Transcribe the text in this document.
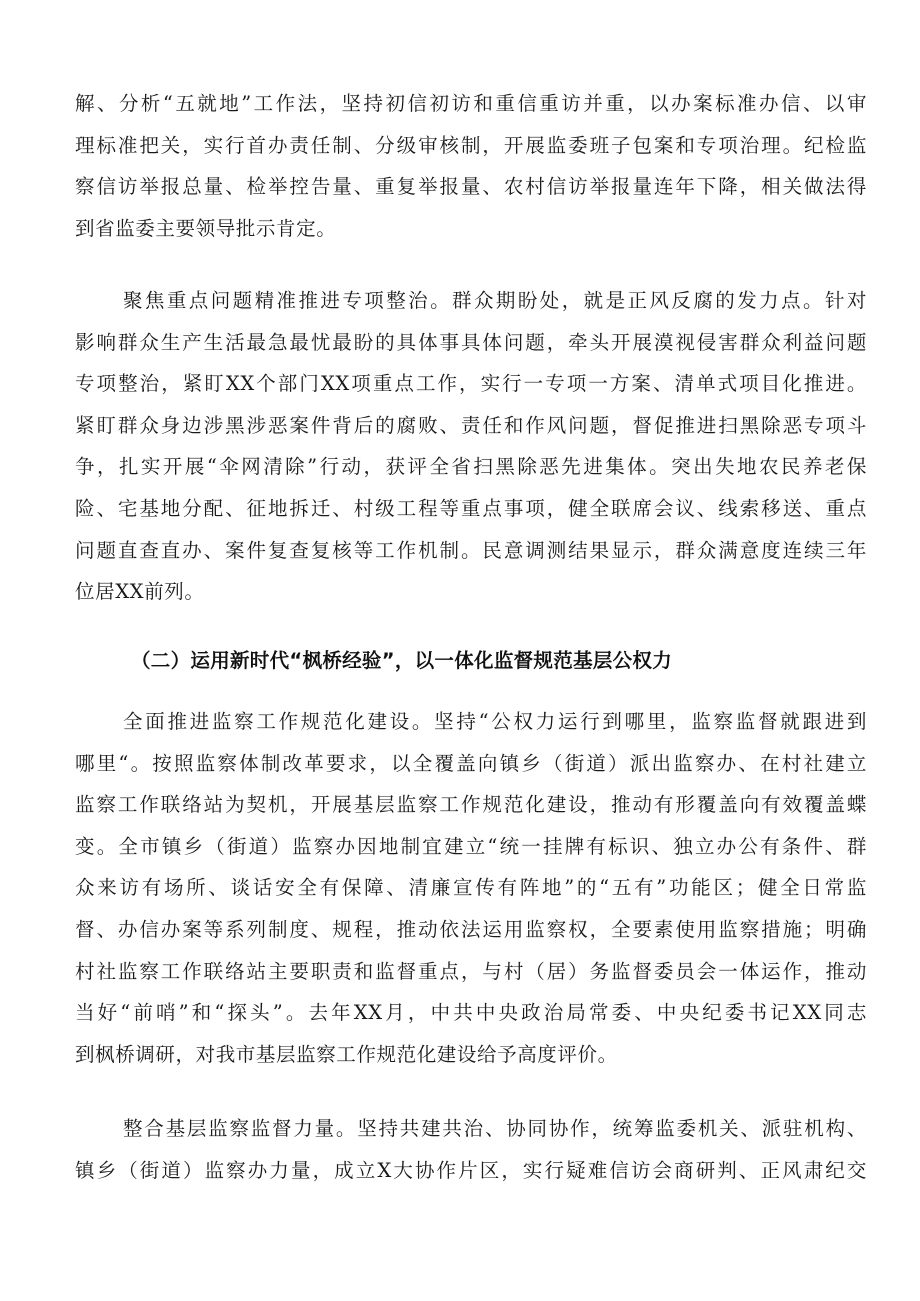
解、分析“五就地”工作法，坚持初信初访和重信重访并重，以办案标准办信、以审
理标准把关，实行首办责任制、分级审核制，开展监委班子包案和专项治理。纪检监
察信访举报总量、检举控告量、重复举报量、农村信访举报量连年下降，相关做法得
到省监委主要领导批示肯定。
聚焦重点问题精准推进专项整治。群众期盼处，就是正风反腐的发力点。针对
影响群众生产生活最急最忧最盼的具体事具体问题，牵头开展漠视侵害群众利益问题
专项整治，紧盯XX个部门XX项重点工作，实行一专项一方案、清单式项目化推进。
紧盯群众身边涉黑涉恶案件背后的腐败、责任和作风问题，督促推进扫黑除恶专项斗
争，扎实开展“伞网清除”行动，获评全省扫黑除恶先进集体。突出失地农民养老保
险、宅基地分配、征地拆迁、村级工程等重点事项，健全联席会议、线索移送、重点
问题直查直办、案件复查复核等工作机制。民意调测结果显示，群众满意度连续三年
位居XX前列。
（二）运用新时代“枫桥经验”，以一体化监督规范基层公权力
全面推进监察工作规范化建设。坚持“公权力运行到哪里，监察监督就跟进到
哪里“。按照监察体制改革要求，以全覆盖向镇乡（街道）派出监察办、在村社建立
监察工作联络站为契机，开展基层监察工作规范化建设，推动有形覆盖向有效覆盖蝶
变。全市镇乡（街道）监察办因地制宜建立“统一挂牌有标识、独立办公有条件、群
众来访有场所、谈话安全有保障、清廉宣传有阵地”的“五有”功能区；健全日常监
督、办信办案等系列制度、规程，推动依法运用监察权，全要素使用监察措施；明确
村社监察工作联络站主要职责和监督重点，与村（居）务监督委员会一体运作，推动
当好“前哨”和“探头”。去年XX月，中共中央政治局常委、中央纪委书记XX同志
到枫桥调研，对我市基层监察工作规范化建设给予高度评价。
整合基层监察监督力量。坚持共建共治、协同协作，统筹监委机关、派驻机构、
镇乡（街道）监察办力量，成立X大协作片区，实行疑难信访会商研判、正风肃纪交
